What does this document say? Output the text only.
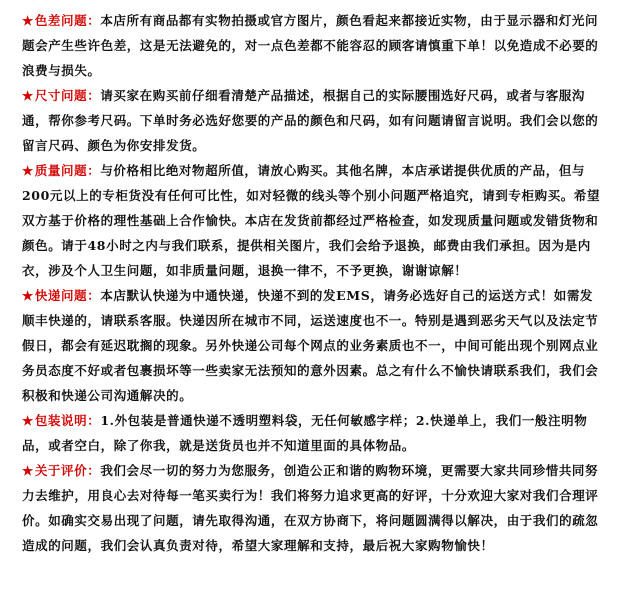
★色差问题：本店所有商品都有实物拍摄或官方图片，颜色看起来都接近实物，由于显示器和灯光问题会产生些许色差，这是无法避免的，对一点色差都不能容忍的顾客请慎重下单！以免造成不必要的浪费与损失。

★尺寸问题：请买家在购买前仔细看清楚产品描述，根据自己的实际腰围选好尺码，或者与客服沟通，帮你参考尺码。下单时务必选好您要的产品的颜色和尺码，如有问题请留言说明。我们会以您的留言尺码、颜色为你安排发货。

★质量问题：与价格相比绝对物超所值，请放心购买。其他名牌，本店承诺提供优质的产品，但与200元以上的专柜货没有任何可比性，如对轻微的线头等个别小问题严格追究，请到专柜购买。希望双方基于价格的理性基础上合作愉快。本店在发货前都经过严格检查，如发现质量问题或发错货物和颜色。请于48小时之内与我们联系，提供相关图片，我们会给予退换，邮费由我们承担。因为是内衣，涉及个人卫生问题，如非质量问题，退换一律不，不予更换，谢谢谅解！

★快递问题：本店默认快递为中通快递，快递不到的发EMS，请务必选好自己的运送方式！如需发顺丰快递的，请联系客服。快递因所在城市不同，运送速度也不一。特别是遇到恶劣天气以及法定节假日，都会有延迟耽搁的现象。另外快递公司每个网点的业务素质也不一，中间可能出现个别网点业务员态度不好或者包裹损坏等一些卖家无法预知的意外因素。总之有什么不愉快请联系我们，我们会积极和快递公司沟通解决的。

★包装说明：1.外包装是普通快递不透明塑料袋，无任何敏感字样；2.快递单上，我们一般注明物品，或者空白，除了你我，就是送货员也并不知道里面的具体物品。

★关于评价：我们会尽一切的努力为您服务，创造公正和谐的购物环境，更需要大家共同珍惜共同努力去维护，用良心去对待每一笔买卖行为！我们将努力追求更高的好评，十分欢迎大家对我们合理评价。如确实交易出现了问题，请先取得沟通，在双方协商下，将问题圆满得以解决，由于我们的疏忽造成的问题，我们会认真负责对待，希望大家理解和支持，最后祝大家购物愉快！
